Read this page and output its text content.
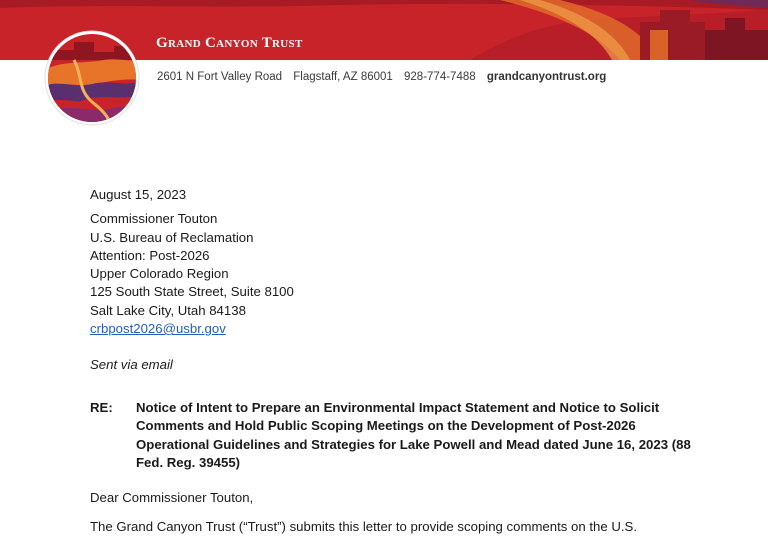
Grand Canyon Trust
2601 N Fort Valley Road Flagstaff, AZ 86001 928-774-7488 grandcanyontrust.org
August 15, 2023
Commissioner Touton
U.S. Bureau of Reclamation
Attention: Post-2026
Upper Colorado Region
125 South State Street, Suite 8100
Salt Lake City, Utah 84138
crbpost2026@usbr.gov
Sent via email
RE:	Notice of Intent to Prepare an Environmental Impact Statement and Notice to Solicit Comments and Hold Public Scoping Meetings on the Development of Post-2026 Operational Guidelines and Strategies for Lake Powell and Mead dated June 16, 2023 (88 Fed. Reg. 39455)
Dear Commissioner Touton,
The Grand Canyon Trust (“Trust”) submits this letter to provide scoping comments on the U.S.
